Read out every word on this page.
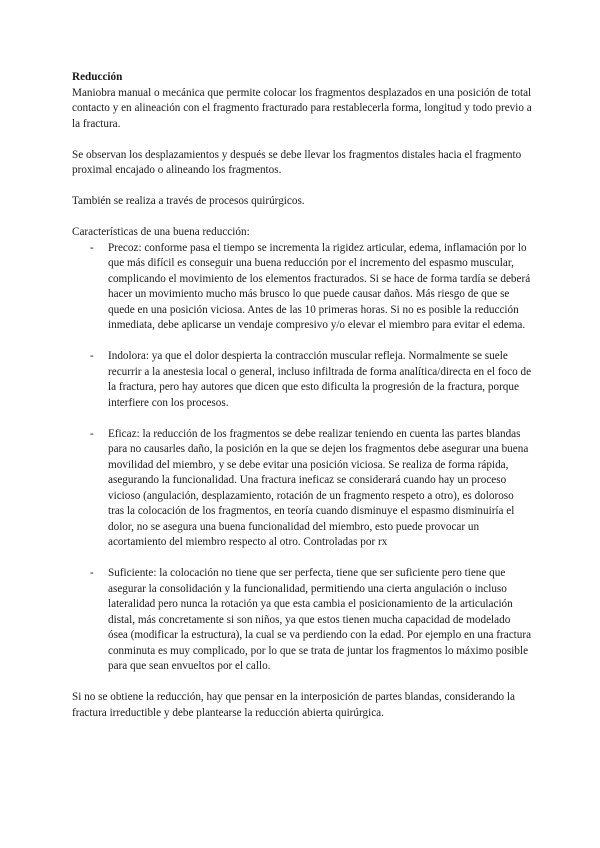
Reducción

Maniobra manual o mecánica que permite colocar los fragmentos desplazados en una posición de total contacto y en alineación con el fragmento fracturado para restablecerla forma, longitud y todo previo a la fractura.

Se observan los desplazamientos y después se debe llevar los fragmentos distales hacia el fragmento proximal encajado o alineando los fragmentos.

También se realiza a través de procesos quirúrgicos.

Características de una buena reducción:

- Precoz: conforme pasa el tiempo se incrementa la rigidez articular, edema, inflamación por lo que más difícil es conseguir una buena reducción por el incremento del espasmo muscular, complicando el movimiento de los elementos fracturados. Si se hace de forma tardía se deberá hacer un movimiento mucho más brusco lo que puede causar daños. Más riesgo de que se quede en una posición viciosa. Antes de las 10 primeras horas. Si no es posible la reducción inmediata, debe aplicarse un vendaje compresivo y/o elevar el miembro para evitar el edema.
- Indolora: ya que el dolor despierta la contracción muscular refleja. Normalmente se suele recurrir a la anestesia local o general, incluso infiltrada de forma analítica/directa en el foco de la fractura, pero hay autores que dicen que esto dificulta la progresión de la fractura, porque interfiere con los procesos.
- Eficaz: la reducción de los fragmentos se debe realizar teniendo en cuenta las partes blandas para no causarles daño, la posición en la que se dejen los fragmentos debe asegurar una buena movilidad del miembro, y se debe evitar una posición viciosa. Se realiza de forma rápida, asegurando la funcionalidad. Una fractura ineficaz se considerará cuando hay un proceso vicioso (angulación, desplazamiento, rotación de un fragmento respeto a otro), es doloroso tras la colocación de los fragmentos, en teoría cuando disminuye el espasmo disminuiría el dolor, no se asegura una buena funcionalidad del miembro, esto puede provocar un acortamiento del miembro respecto al otro. Controladas por rx
- Suficiente: la colocación no tiene que ser perfecta, tiene que ser suficiente pero tiene que asegurar la consolidación y la funcionalidad, permitiendo una cierta angulación o incluso lateralidad pero nunca la rotación ya que esta cambia el posicionamiento de la articulación distal, más concretamente si son niños, ya que estos tienen mucha capacidad de modelado ósea (modificar la estructura), la cual se va perdiendo con la edad. Por ejemplo en una fractura conminuta es muy complicado, por lo que se trata de juntar los fragmentos lo máximo posible para que sean envueltos por el callo.

Si no se obtiene la reducción, hay que pensar en la interposición de partes blandas, considerando la fractura irreductible y debe plantearse la reducción abierta quirúrgica.
